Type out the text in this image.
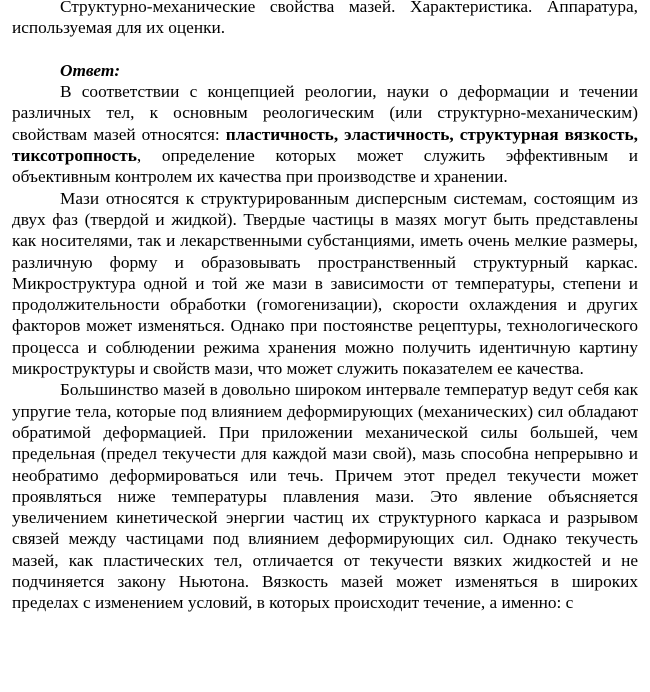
Структурно-механические свойства мазей. Характеристика. Аппаратура, используемая для их оценки.

Ответ:

В соответствии с концепцией реологии, науки о деформации и течении различных тел, к основным реологическим (или структурно-механическим) свойствам мазей относятся: пластичность, эластичность, структурная вязкость, тиксотропность, определение которых может служить эффективным и объективным контролем их качества при производстве и хранении.

Мази относятся к структурированным дисперсным системам, состоящим из двух фаз (твердой и жидкой). Твердые частицы в мазях могут быть представлены как носителями, так и лекарственными субстанциями, иметь очень мелкие размеры, различную форму и образовывать пространственный структурный каркас. Микроструктура одной и той же мази в зависимости от температуры, степени и продолжительности обработки (гомогенизации), скорости охлаждения и других факторов может изменяться. Однако при постоянстве рецептуры, технологического процесса и соблюдении режима хранения можно получить идентичную картину микроструктуры и свойств мази, что может служить показателем ее качества.

Большинство мазей в довольно широком интервале температур ведут себя как упругие тела, которые под влиянием деформирующих (механических) сил обладают обратимой деформацией. При приложении механической силы большей, чем предельная (предел текучести для каждой мази свой), мазь способна непрерывно и необратимо деформироваться или течь. Причем этот предел текучести может проявляться ниже температуры плавления мази. Это явление объясняется увеличением кинетической энергии частиц их структурного каркаса и разрывом связей между частицами под влиянием деформирующих сил. Однако текучесть мазей, как пластических тел, отличается от текучести вязких жидкостей и не подчиняется закону Ньютона. Вязкость мазей может изменяться в широких пределах с изменением условий, в которых происходит течение, а именно: с
